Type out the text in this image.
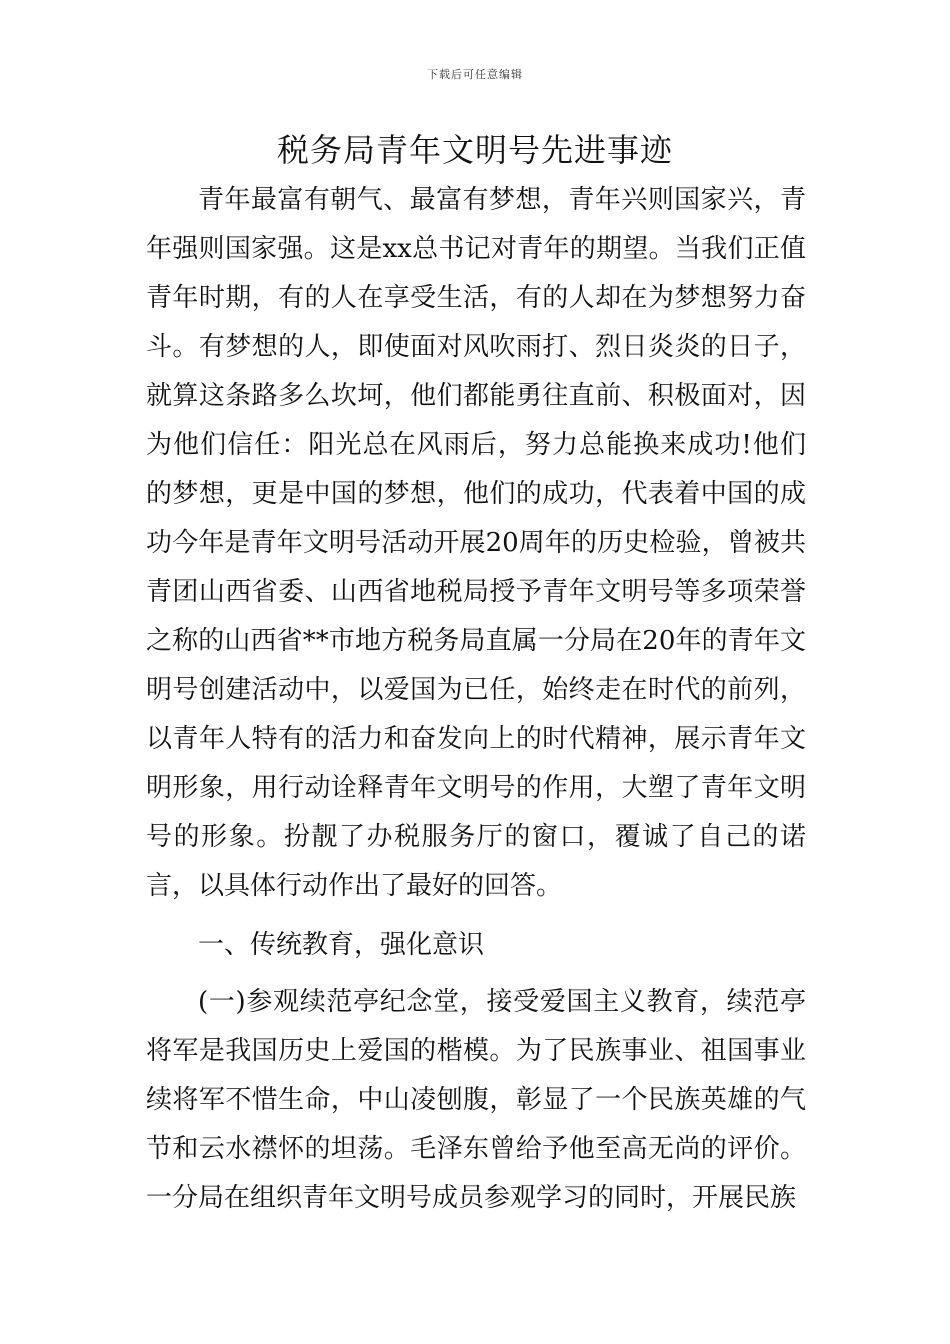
下载后可任意编辑
税务局青年文明号先进事迹

青年最富有朝气、最富有梦想，青年兴则国家兴，青年强则国家强。这是xx总书记对青年的期望。当我们正值青年时期，有的人在享受生活，有的人却在为梦想努力奋斗。有梦想的人，即使面对风吹雨打、烈日炎炎的日子，就算这条路多么坎坷，他们都能勇往直前、积极面对，因为他们信任：阳光总在风雨后，努力总能换来成功!他们的梦想，更是中国的梦想，他们的成功，代表着中国的成功今年是青年文明号活动开展20周年的历史检验，曾被共青团山西省委、山西省地税局授予青年文明号等多项荣誉之称的山西省**市地方税务局直属一分局在20年的青年文明号创建活动中，以爱国为已任，始终走在时代的前列，以青年人特有的活力和奋发向上的时代精神，展示青年文明形象，用行动诠释青年文明号的作用，大塑了青年文明号的形象。扮靓了办税服务厅的窗口，覆诚了自己的诺言，以具体行动作出了最好的回答。

一、传统教育，强化意识

(一)参观续范亭纪念堂，接受爱国主义教育，续范亭将军是我国历史上爱国的楷模。为了民族事业、祖国事业续将军不惜生命，中山凌刨腹，彰显了一个民族英雄的气节和云水襟怀的坦荡。毛泽东曾给予他至高无尚的评价。一分局在组织青年文明号成员参观学习的同时，开展民族
